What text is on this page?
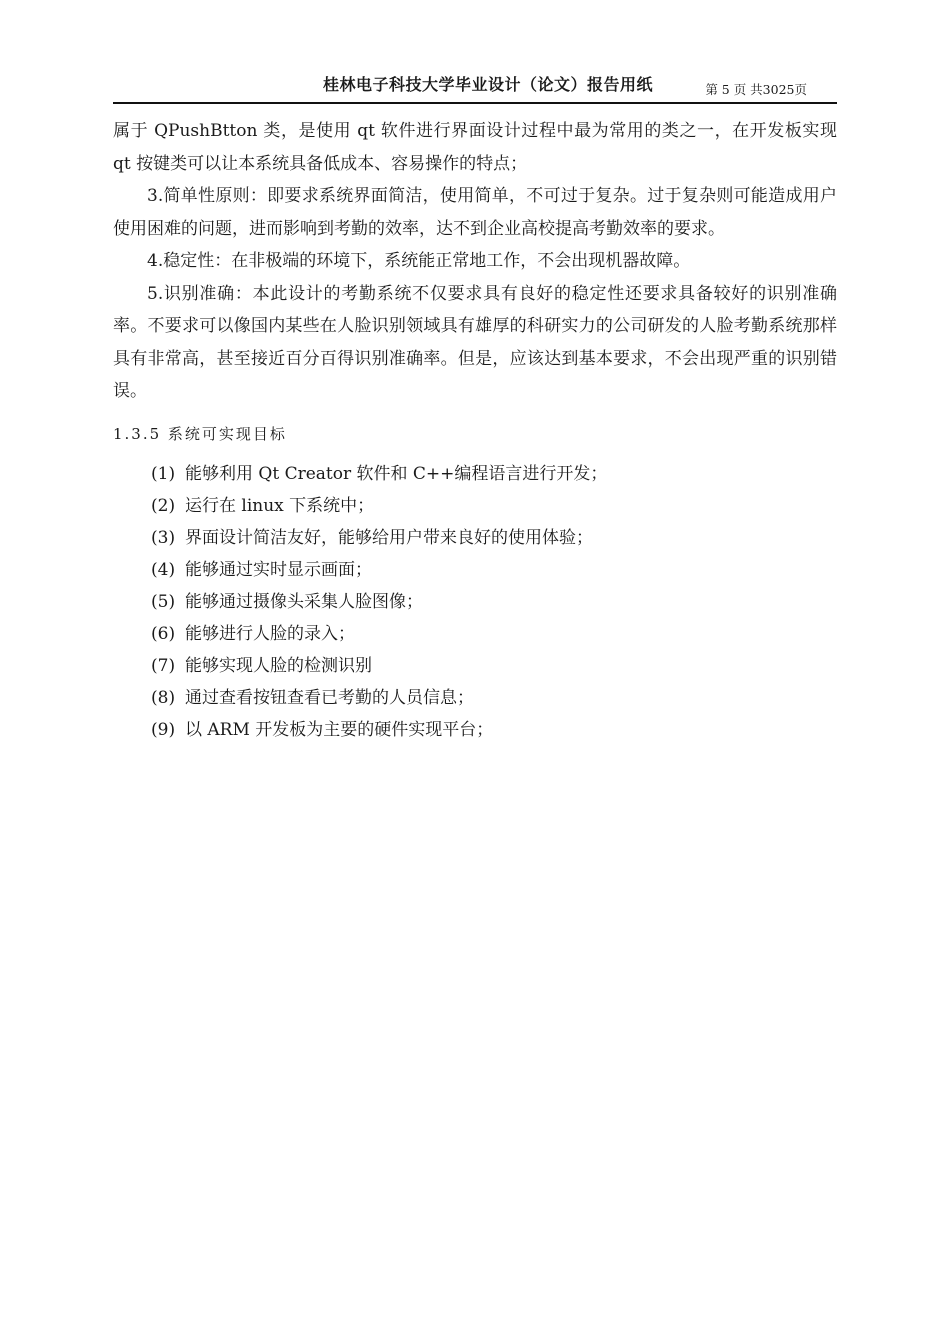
桂林电子科技大学毕业设计（论文）报告用纸	第 5 页 共3025页

属于 QPushBtton 类，是使用 qt 软件进行界面设计过程中最为常用的类之一，在开发板实现 qt 按键类可以让本系统具备低成本、容易操作的特点；

3.简单性原则：即要求系统界面简洁，使用简单，不可过于复杂。过于复杂则可能造成用户使用困难的问题，进而影响到考勤的效率，达不到企业高校提高考勤效率的要求。

4.稳定性：在非极端的环境下，系统能正常地工作，不会出现机器故障。

5.识别准确：本此设计的考勤系统不仅要求具有良好的稳定性还要求具备较好的识别准确率。不要求可以像国内某些在人脸识别领域具有雄厚的科研实力的公司研发的人脸考勤系统那样具有非常高，甚至接近百分百得识别准确率。但是，应该达到基本要求，不会出现严重的识别错误。

1.3.5 系统可实现目标
(1) 能够利用 Qt Creator 软件和 C++编程语言进行开发；
(2) 运行在 linux 下系统中；
(3) 界面设计简洁友好，能够给用户带来良好的使用体验；
(4) 能够通过实时显示画面；
(5) 能够通过摄像头采集人脸图像；
(6) 能够进行人脸的录入；
(7) 能够实现人脸的检测识别
(8) 通过查看按钮查看已考勤的人员信息；
(9) 以 ARM 开发板为主要的硬件实现平台；
